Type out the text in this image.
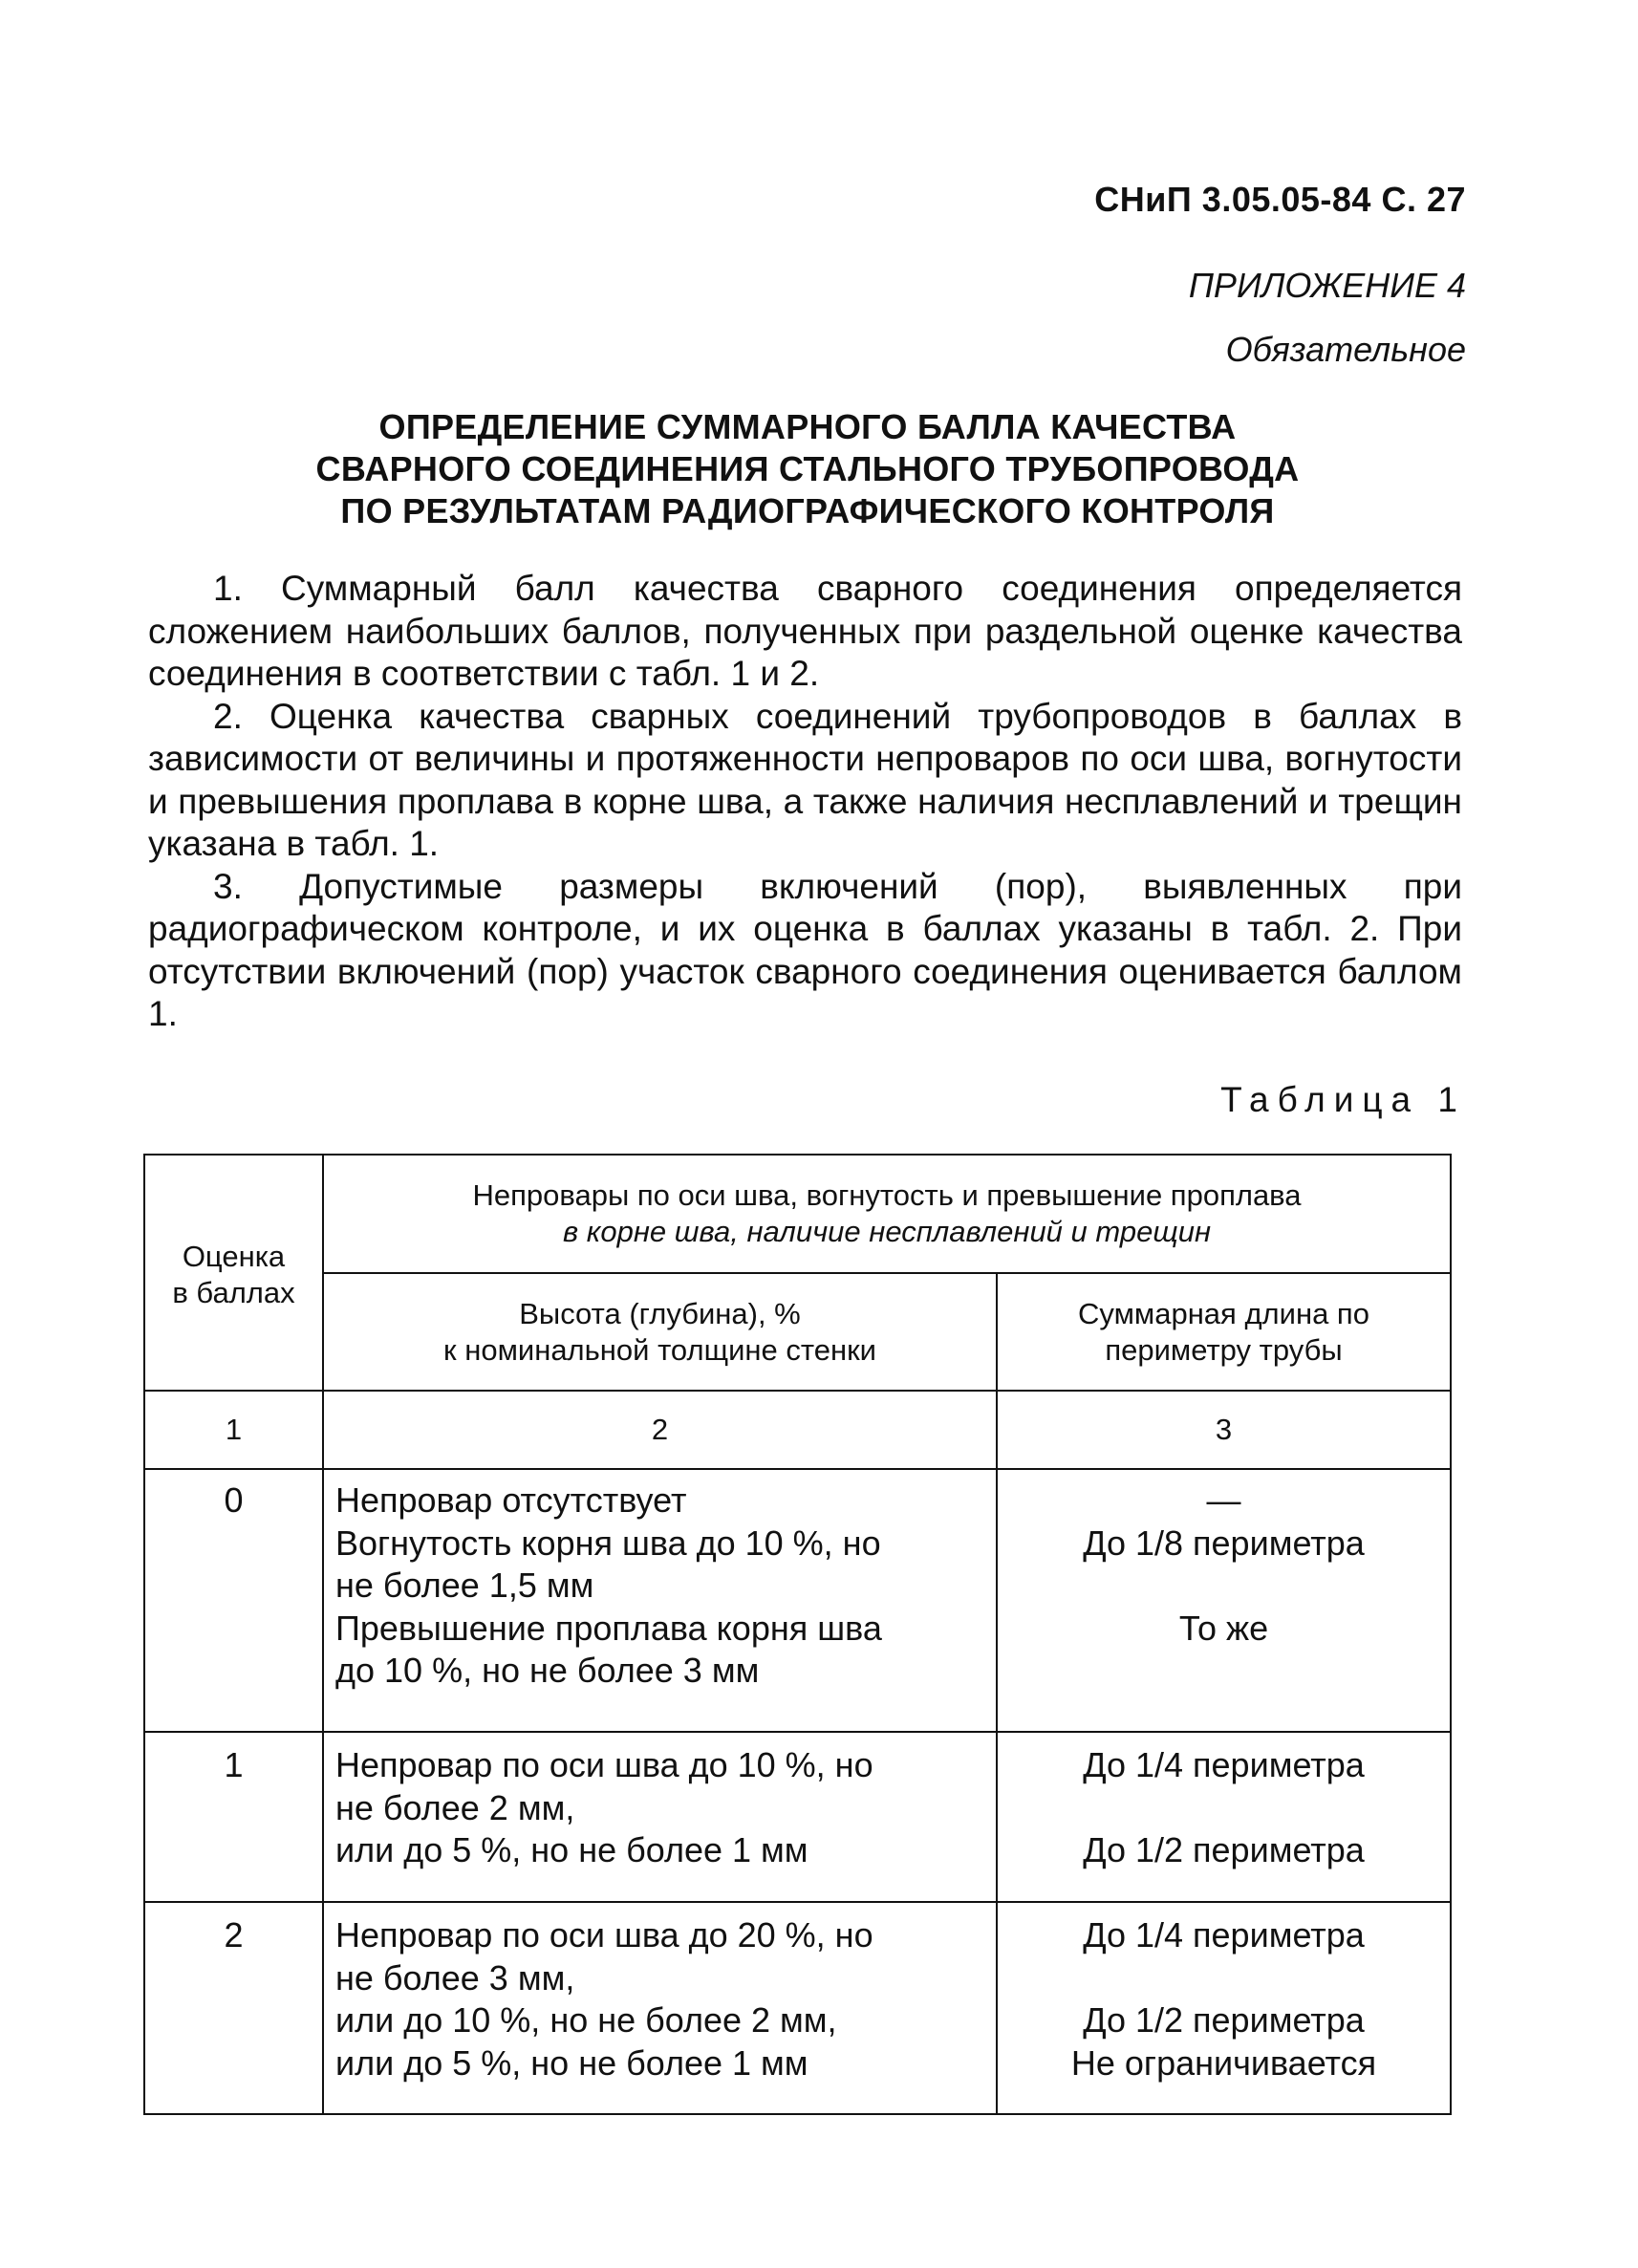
СНиП 3.05.05-84 С. 27
ПРИЛОЖЕНИЕ 4
Обязательное
ОПРЕДЕЛЕНИЕ СУММАРНОГО БАЛЛА КАЧЕСТВА
СВАРНОГО СОЕДИНЕНИЯ СТАЛЬНОГО ТРУБОПРОВОДА
ПО РЕЗУЛЬТАТАМ РАДИОГРАФИЧЕСКОГО КОНТРОЛЯ

1. Суммарный балл качества сварного соединения определяется сложением наибольших баллов, полученных при раздельной оценке качества соединения в соответствии с табл. 1 и 2.

2. Оценка качества сварных соединений трубопроводов в баллах в зависимости от величины и протяженности непроваров по оси шва, вогнутости и превышения проплава в корне шва, а также наличия несплавлений и трещин указана в табл. 1.

3. Допустимые размеры включений (пор), выявленных при радиографическом контроле, и их оценка в баллах указаны в табл. 2. При отсутствии включений (пор) участок сварного соединения оценивается баллом 1.

Таблица 1
Оценка
в баллах	Непровары по оси шва, вогнутость и превышение проплава
в корне шва, наличие несплавлений и трещин	

	Высота (глубина), %
к номинальной толщине стенки	Суммарная длина по
периметру трубы

1	2	3
0	Непровар отсутствует
Вогнутость корня шва до 10 %, но
не более 1,5 мм
Превышение проплава корня шва
до 10 %, но не более 3 мм	—
До 1/8 периметра

То же

1	Непровар по оси шва до 10 %, но
не более 2 мм,
или до 5 %, но не более 1 мм	До 1/4 периметра

До 1/2 периметра

2	Непровар по оси шва до 20 %, но
не более 3 мм,
или до 10 %, но не более 2 мм,
или до 5 %, но не более 1 мм	До 1/4 периметра

До 1/2 периметра
Не ограничивается
